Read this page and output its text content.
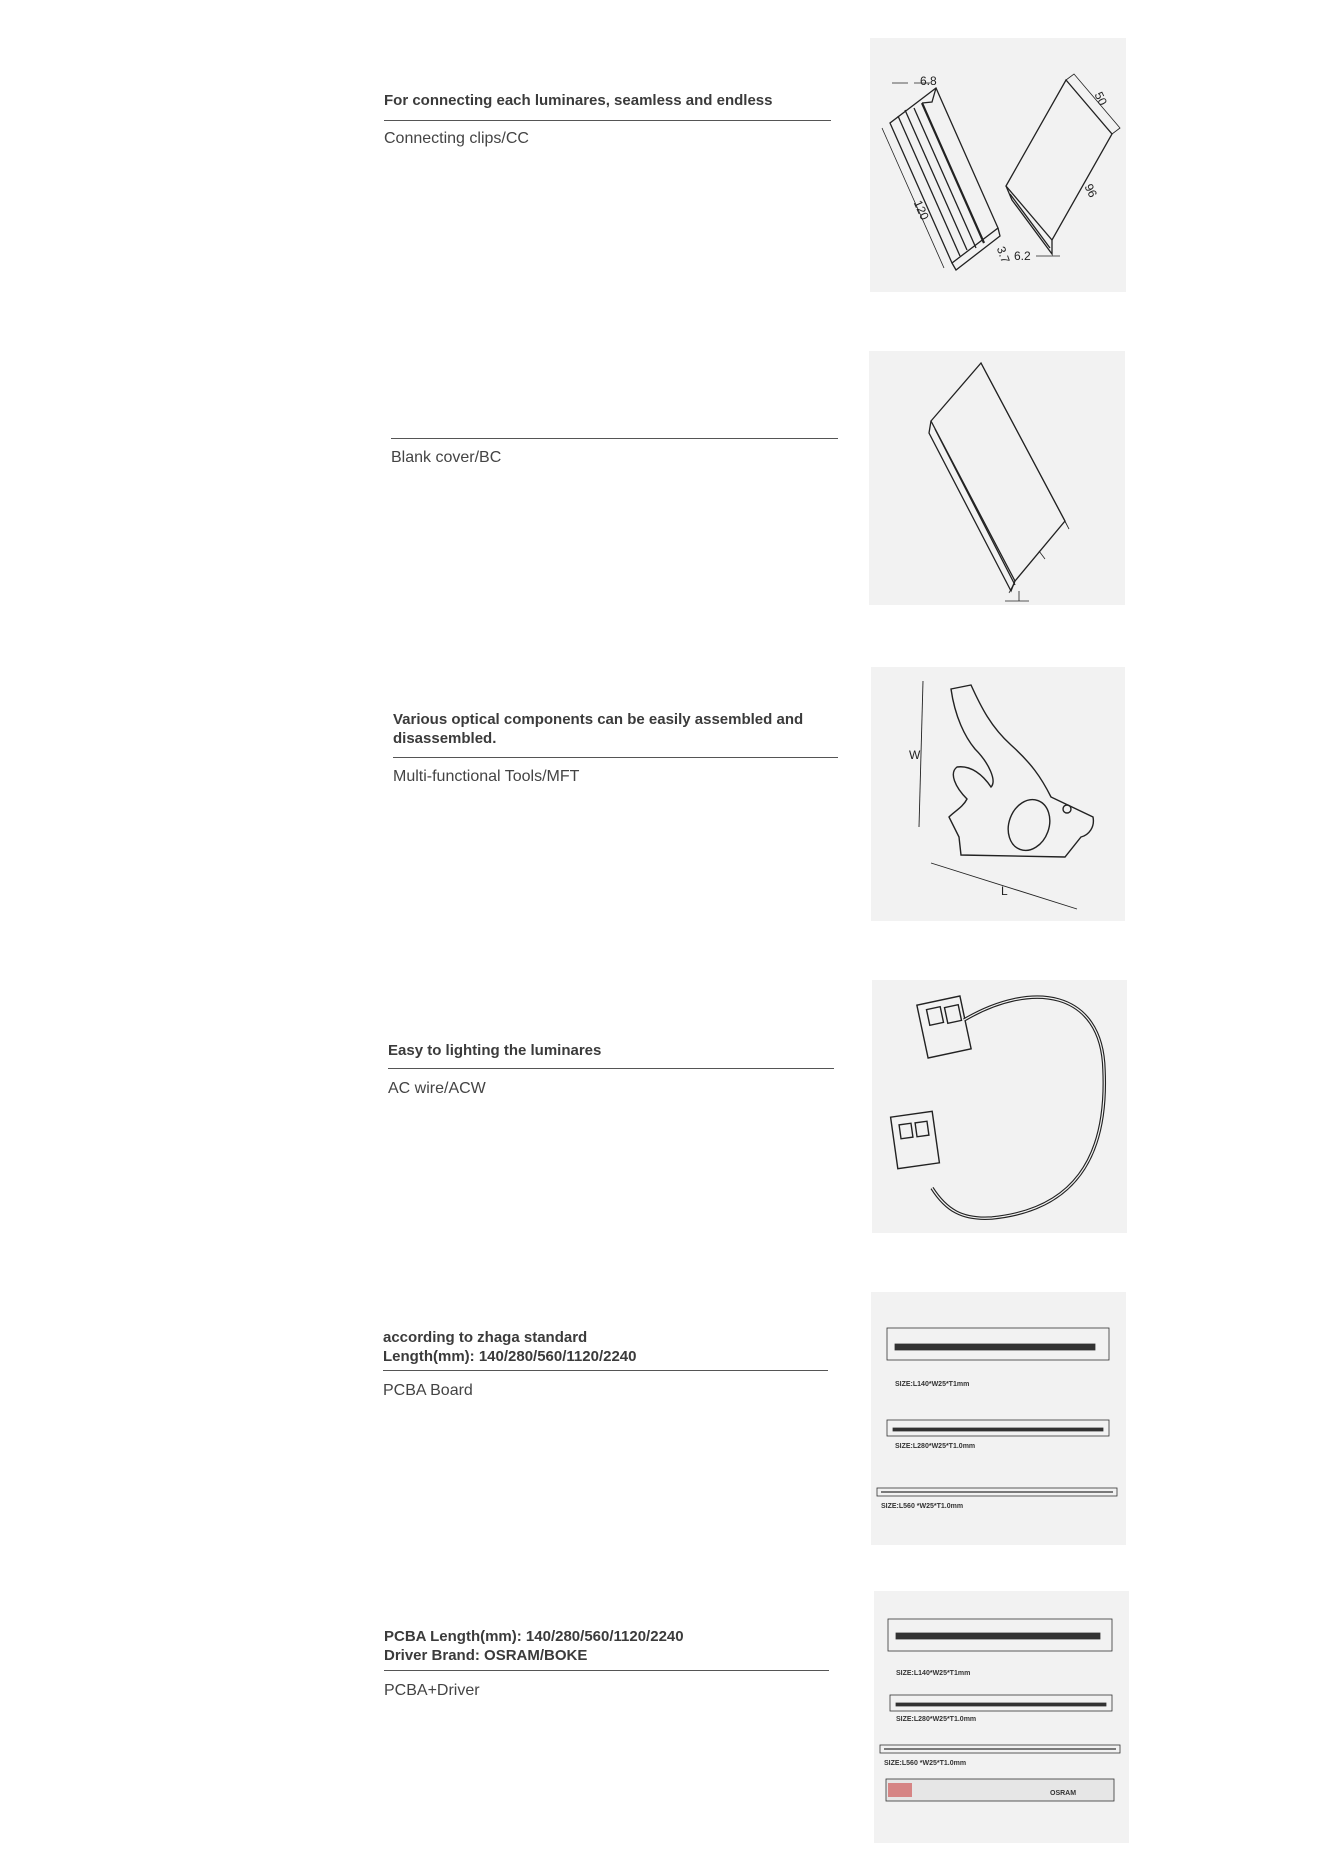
For connecting each luminares, seamless and endless
Connecting clips/CC
6.8
120
3.7
50
96
6.2
Blank cover/BC
Various optical components can be easily assembled and disassembled.
Multi-functional Tools/MFT
W
L
Easy to lighting the luminares
AC wire/ACW
according to zhaga standard
Length(mm): 140/280/560/1120/2240
PCBA Board	SIZE:L140*W25*T1mm
SIZE:L280*W25*T1.0mm
SIZE:L560 *W25*T1.0mm
PCBA Length(mm): 140/280/560/1120/2240
Driver Brand: OSRAM/BOKE
PCBA+Driver
SIZE:L140*W25*T1mm
SIZE:L280*W25*T1.0mm
SIZE:L560 *W25*T1.0mm
OSRAM
